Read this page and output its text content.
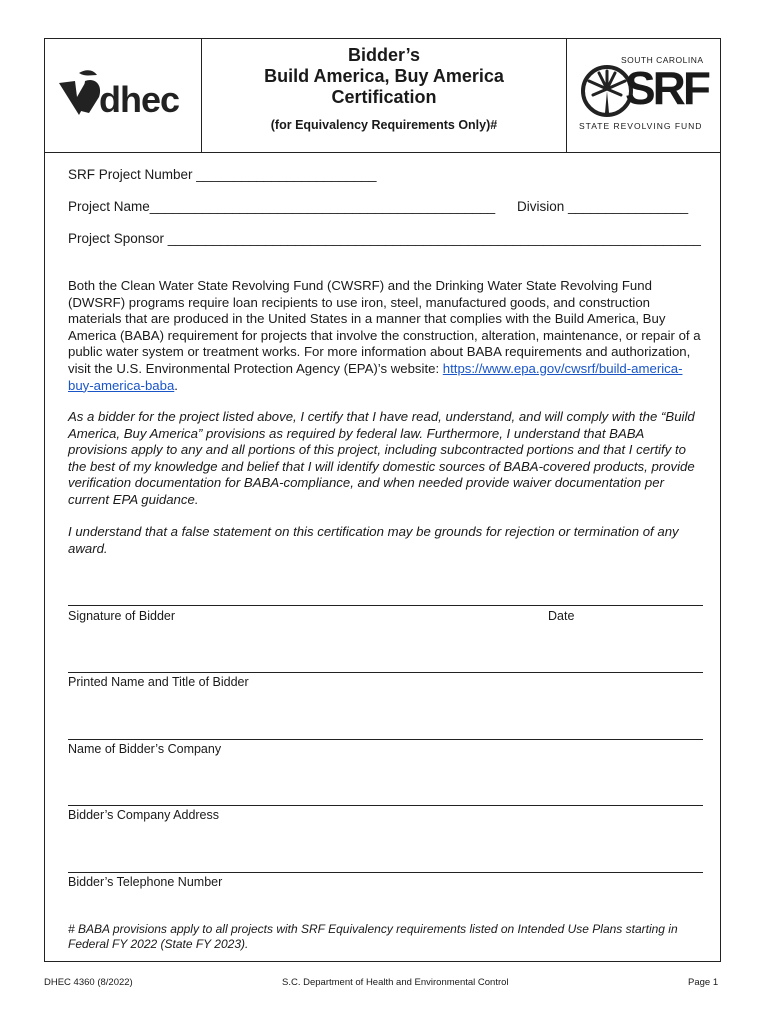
dhec
Bidder’s
Build America, Buy America
Certification
(for Equivalency Requirements Only)#
SOUTH CAROLINA
SRF
STATE REVOLVING FUND
SRF Project Number ________________________
Project Name______________________________________________ Division ________________
Project Sponsor _______________________________________________________________________
Both the Clean Water State Revolving Fund (CWSRF) and the Drinking Water State Revolving Fund (DWSRF) programs require loan recipients to use iron, steel, manufactured goods, and construction materials that are produced in the United States in a manner that complies with the Build America, Buy America (BABA) requirement for projects that involve the construction, alteration, maintenance, or repair of a public water system or treatment works. For more information about BABA requirements and authorization, visit the U.S. Environmental Protection Agency (EPA)’s website: https://www.epa.gov/cwsrf/build-america-buy-america-baba.
As a bidder for the project listed above, I certify that I have read, understand, and will comply with the “Build America, Buy America” provisions as required by federal law. Furthermore, I understand that BABA provisions apply to any and all portions of this project, including subcontracted portions and that I certify to the best of my knowledge and belief that I will identify domestic sources of BABA-covered products, provide verification documentation for BABA-compliance, and when needed provide waiver documentation per current EPA guidance.
I understand that a false statement on this certification may be grounds for rejection or termination of any award.
Signature of Bidder	Date
Printed Name and Title of Bidder
Name of Bidder’s Company
Bidder’s Company Address
Bidder’s Telephone Number
# BABA provisions apply to all projects with SRF Equivalency requirements listed on Intended Use Plans starting in Federal FY 2022 (State FY 2023).
DHEC 4360 (8/2022)	S.C. Department of Health and Environmental Control	Page 1
